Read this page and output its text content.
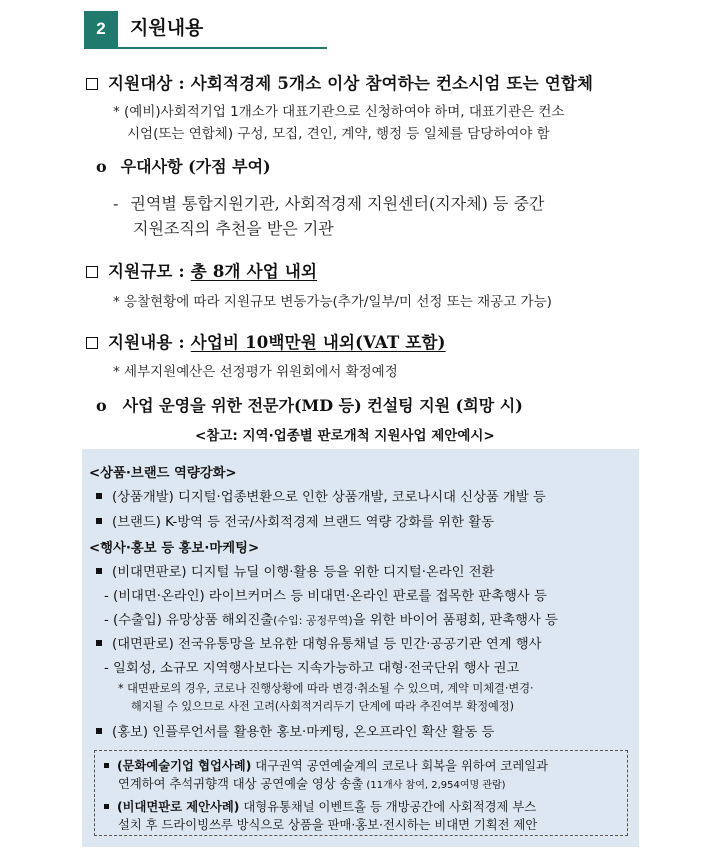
2	지원내용
지원대상 : 사회적경제 5개소 이상 참여하는 컨소시엄 또는 연합체
* (예비)사회적기업 1개소가 대표기관으로 신청하여야 하며, 대표기관은 컨소
시엄(또는 연합체) 구성, 모집, 견인, 계약, 행정 등 일체를 담당하여야 함
o 우대사항 (가점 부여)
- 권역별 통합지원기관, 사회적경제 지원센터(지자체) 등 중간
지원조직의 추천을 받은 기관
지원규모 : 총 8개 사업 내외
* 응찰현황에 따라 지원규모 변동가능(추가/일부/미 선정 또는 재공고 가능)
지원내용 : 사업비 10백만원 내외(VAT 포함)
* 세부지원예산은 선정평가 위원회에서 확정예정
o 사업 운영을 위한 전문가(MD 등) 컨설팅 지원 (희망 시)
<참고: 지역·업종별 판로개척 지원사업 제안예시>
<상품·브랜드 역량강화>
(상품개발) 디지털·업종변환으로 인한 상품개발, 코로나시대 신상품 개발 등
(브랜드) K-방역 등 전국/사회적경제 브랜드 역량 강화를 위한 활동
<행사·홍보 등 홍보·마케팅>
(비대면판로) 디지털 뉴딜 이행·활용 등을 위한 디지털·온라인 전환
- (비대면·온라인) 라이브커머스 등 비대면·온라인 판로를 접목한 판촉행사 등
- (수출입) 유망상품 해외진출(수입: 공정무역)을 위한 바이어 품평회, 판촉행사 등
(대면판로) 전국유통망을 보유한 대형유통채널 등 민간·공공기관 연계 행사
- 일회성, 소규모 지역행사보다는 지속가능하고 대형·전국단위 행사 권고
* 대면판로의 경우, 코로나 진행상황에 따라 변경·취소될 수 있으며, 계약 미체결·변경·
해지될 수 있으므로 사전 고려(사회적거리두기 단계에 따라 추진여부 확정예정)
(홍보) 인플루언서를 활용한 홍보·마케팅, 온오프라인 확산 활동 등
(문화예술기업 협업사례) 대구권역 공연예술계의 코로나 회복을 위하여 코레일과
연계하여 추석귀향객 대상 공연예술 영상 송출 (11개사 참여, 2,954여명 관람)
(비대면판로 제안사례) 대형유통채널 이벤트홀 등 개방공간에 사회적경제 부스
설치 후 드라이빙쓰루 방식으로 상품을 판매·홍보·전시하는 비대면 기획전 제안
